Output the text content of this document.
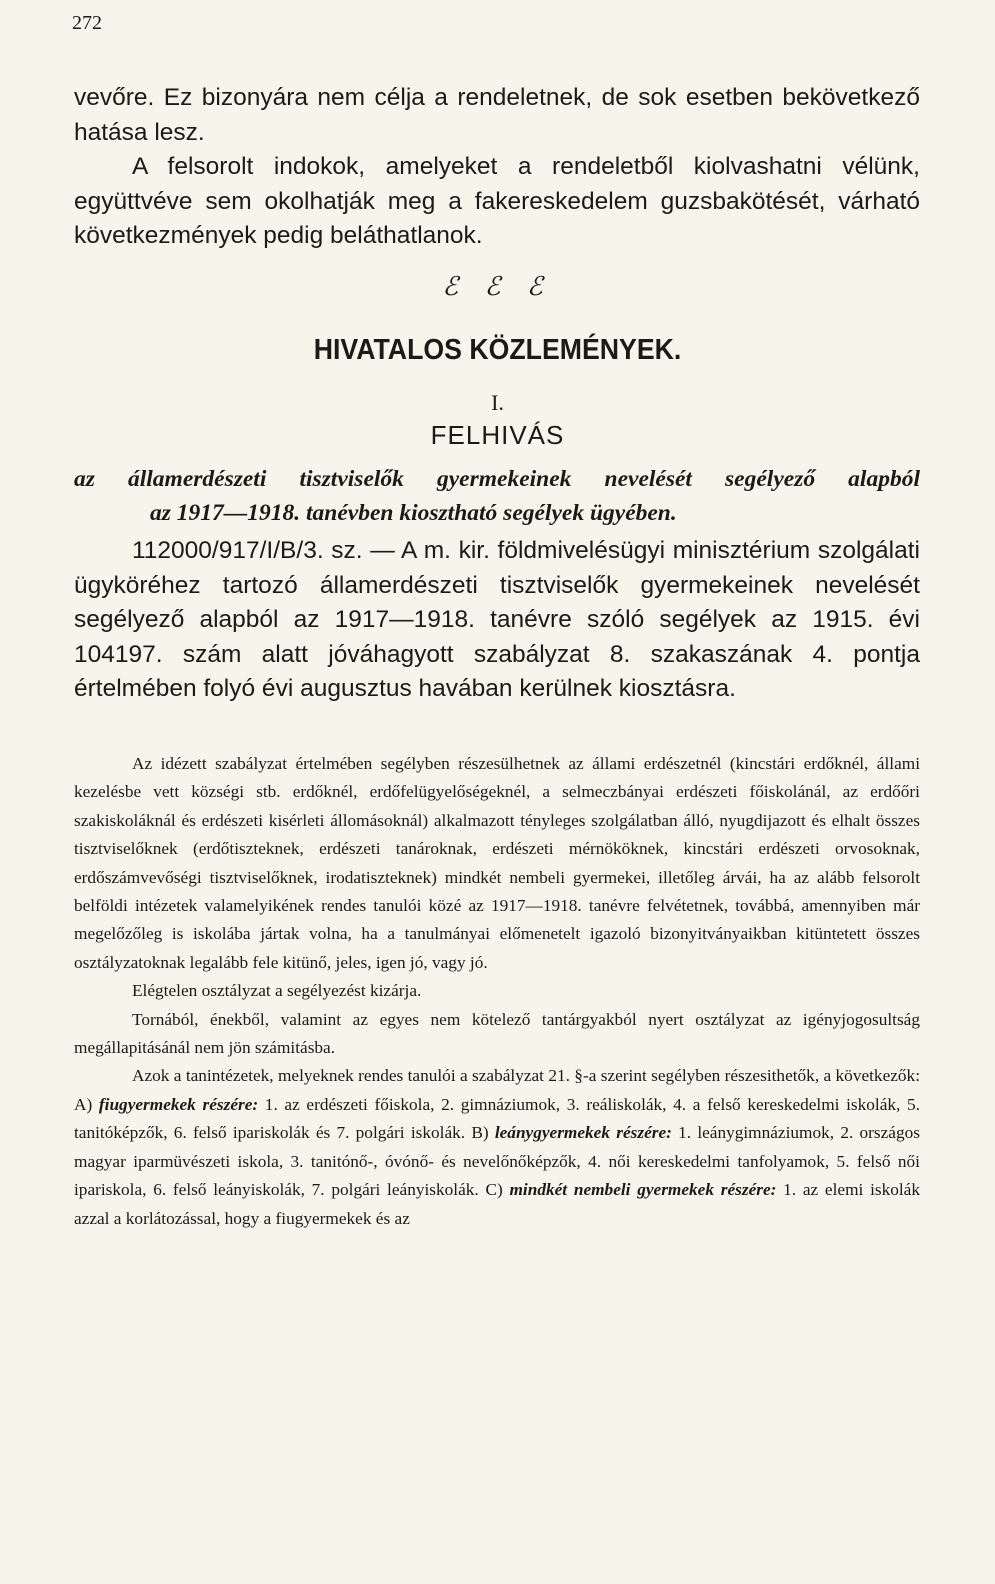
272

vevőre. Ez bizonyára nem célja a rendeletnek, de sok esetben bekövetkező hatása lesz.

A felsorolt indokok, amelyeket a rendeletből kiolvashatni vélünk, együttvéve sem okolhatják meg a fakereskedelem guzsbakötését, várható következmények pedig beláthatlanok.

ℰ ℰ ℰ
HIVATALOS KÖZLEMÉNYEK.
I.
FELHIVÁS
az államerdészeti tisztviselők gyermekeinek nevelését segélyező alapból
az 1917—1918. tanévben kiosztható segélyek ügyében.

112000/917/I/B/3. sz. — A m. kir. földmivelésügyi minisztérium szolgálati ügyköréhez tartozó államerdészeti tisztviselők gyermekeinek nevelését segélyező alapból az 1917—1918. tanévre szóló segélyek az 1915. évi 104197. szám alatt jóváhagyott szabályzat 8. szakaszának 4. pontja értelmében folyó évi augusztus havában kerülnek kiosztásra.

Az idézett szabályzat értelmében segélyben részesülhetnek az állami erdészetnél (kincstári erdőknél, állami kezelésbe vett községi stb. erdőknél, erdőfelügyelőségeknél, a selmeczbányai erdészeti főiskolánál, az erdőőri szakiskoláknál és erdészeti kisérleti állomásoknál) alkalmazott tényleges szolgálatban álló, nyugdijazott és elhalt összes tisztviselőknek (erdőtiszteknek, erdészeti tanároknak, erdészeti mérnököknek, kincstári erdészeti orvosoknak, erdőszámvevőségi tisztviselőknek, irodatiszteknek) mindkét nembeli gyermekei, illetőleg árvái, ha az alább felsorolt belföldi intézetek valamelyikének rendes tanulói közé az 1917—1918. tanévre felvétetnek, továbbá, amennyiben már megelőzőleg is iskolába jártak volna, ha a tanulmányai előmenetelt igazoló bizonyitványaikban kitüntetett összes osztályzatoknak legalább fele kitünő, jeles, igen jó, vagy jó.

Elégtelen osztályzat a segélyezést kizárja.

Tornából, énekből, valamint az egyes nem kötelező tantárgyakból nyert osztályzat az igényjogosultság megállapitásánál nem jön számitásba.

Azok a tanintézetek, melyeknek rendes tanulói a szabályzat 21. §-a szerint segélyben részesithetők, a következők: A) fiugyermekek részére: 1. az erdészeti főiskola, 2. gimnáziumok, 3. reáliskolák, 4. a felső kereskedelmi iskolák, 5. tanitóképzők, 6. felső ipariskolák és 7. polgári iskolák. B) leánygyermekek részére: 1. leánygimnáziumok, 2. országos magyar iparmüvészeti iskola, 3. tanitónő-, óvónő- és nevelőnőképzők, 4. női kereskedelmi tanfolyamok, 5. felső női ipariskola, 6. felső leányiskolák, 7. polgári leányiskolák. C) mindkét nembeli gyermekek részére: 1. az elemi iskolák azzal a korlátozással, hogy a fiugyermekek és az
